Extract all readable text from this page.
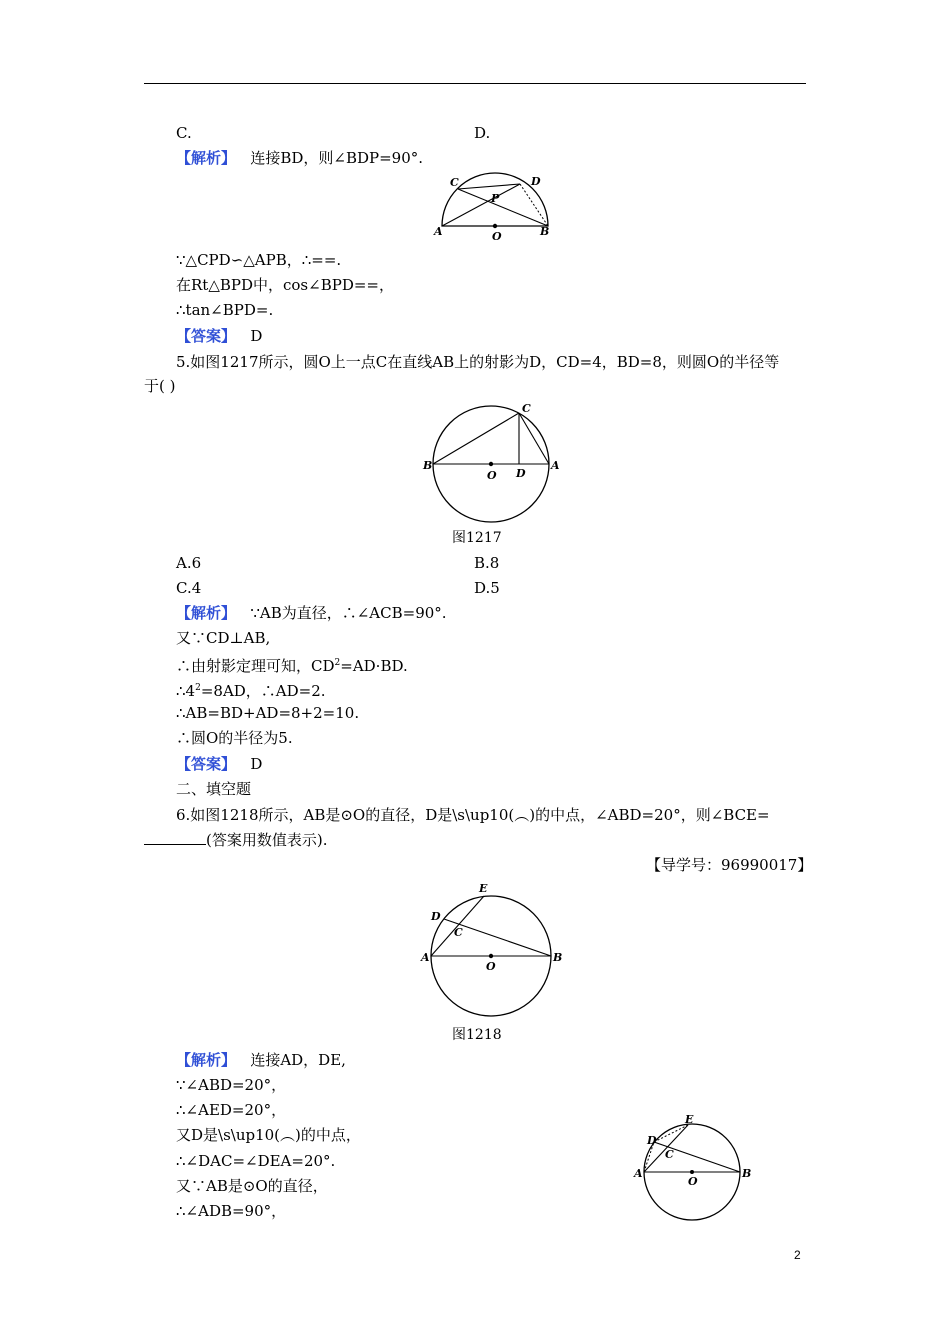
C.	D.
【解析】 连接BD，则∠BDP=90°.
C	D
P
A	O	B
∵△CPD∽△APB，∴==.
在Rt△BPD中，cos∠BPD==，
∴tan∠BPD=.
【答案】 D
5.如图1217所示，圆O上一点C在直线AB上的射影为D，CD=4，BD=8，则圆O的半径等
于( )
C
B
O D
A
图1217
A.6	B.8
C.4	D.5
【解析】 ∵AB为直径，∴∠ACB=90°.
又∵CD⊥AB,
∴由射影定理可知，$CD^2=AD\cdot BD$.
$\therefore 4^2=8AD$，∴AD=2.
∴AB=BD+AD=8+2=10.
∴圆O的半径为5.
【答案】 D
二、填空题
6.如图1218所示，AB是⊙O的直径，D是\s\up10(︵)的中点，∠ABD=20°，则∠BCE=
(答案用数值表示).
【导学号：96990017】
E
D
C
A
O
B
图1218
【解析】 连接AD，DE,
∵∠ABD=20°，
∴∠AED=20°，
又D是\s\up10(︵)的中点，
∴∠DAC=∠DEA=20°.
又∵AB是⊙O的直径，
∴∠ADB=90°，
E
D
C
A
O
B
2
